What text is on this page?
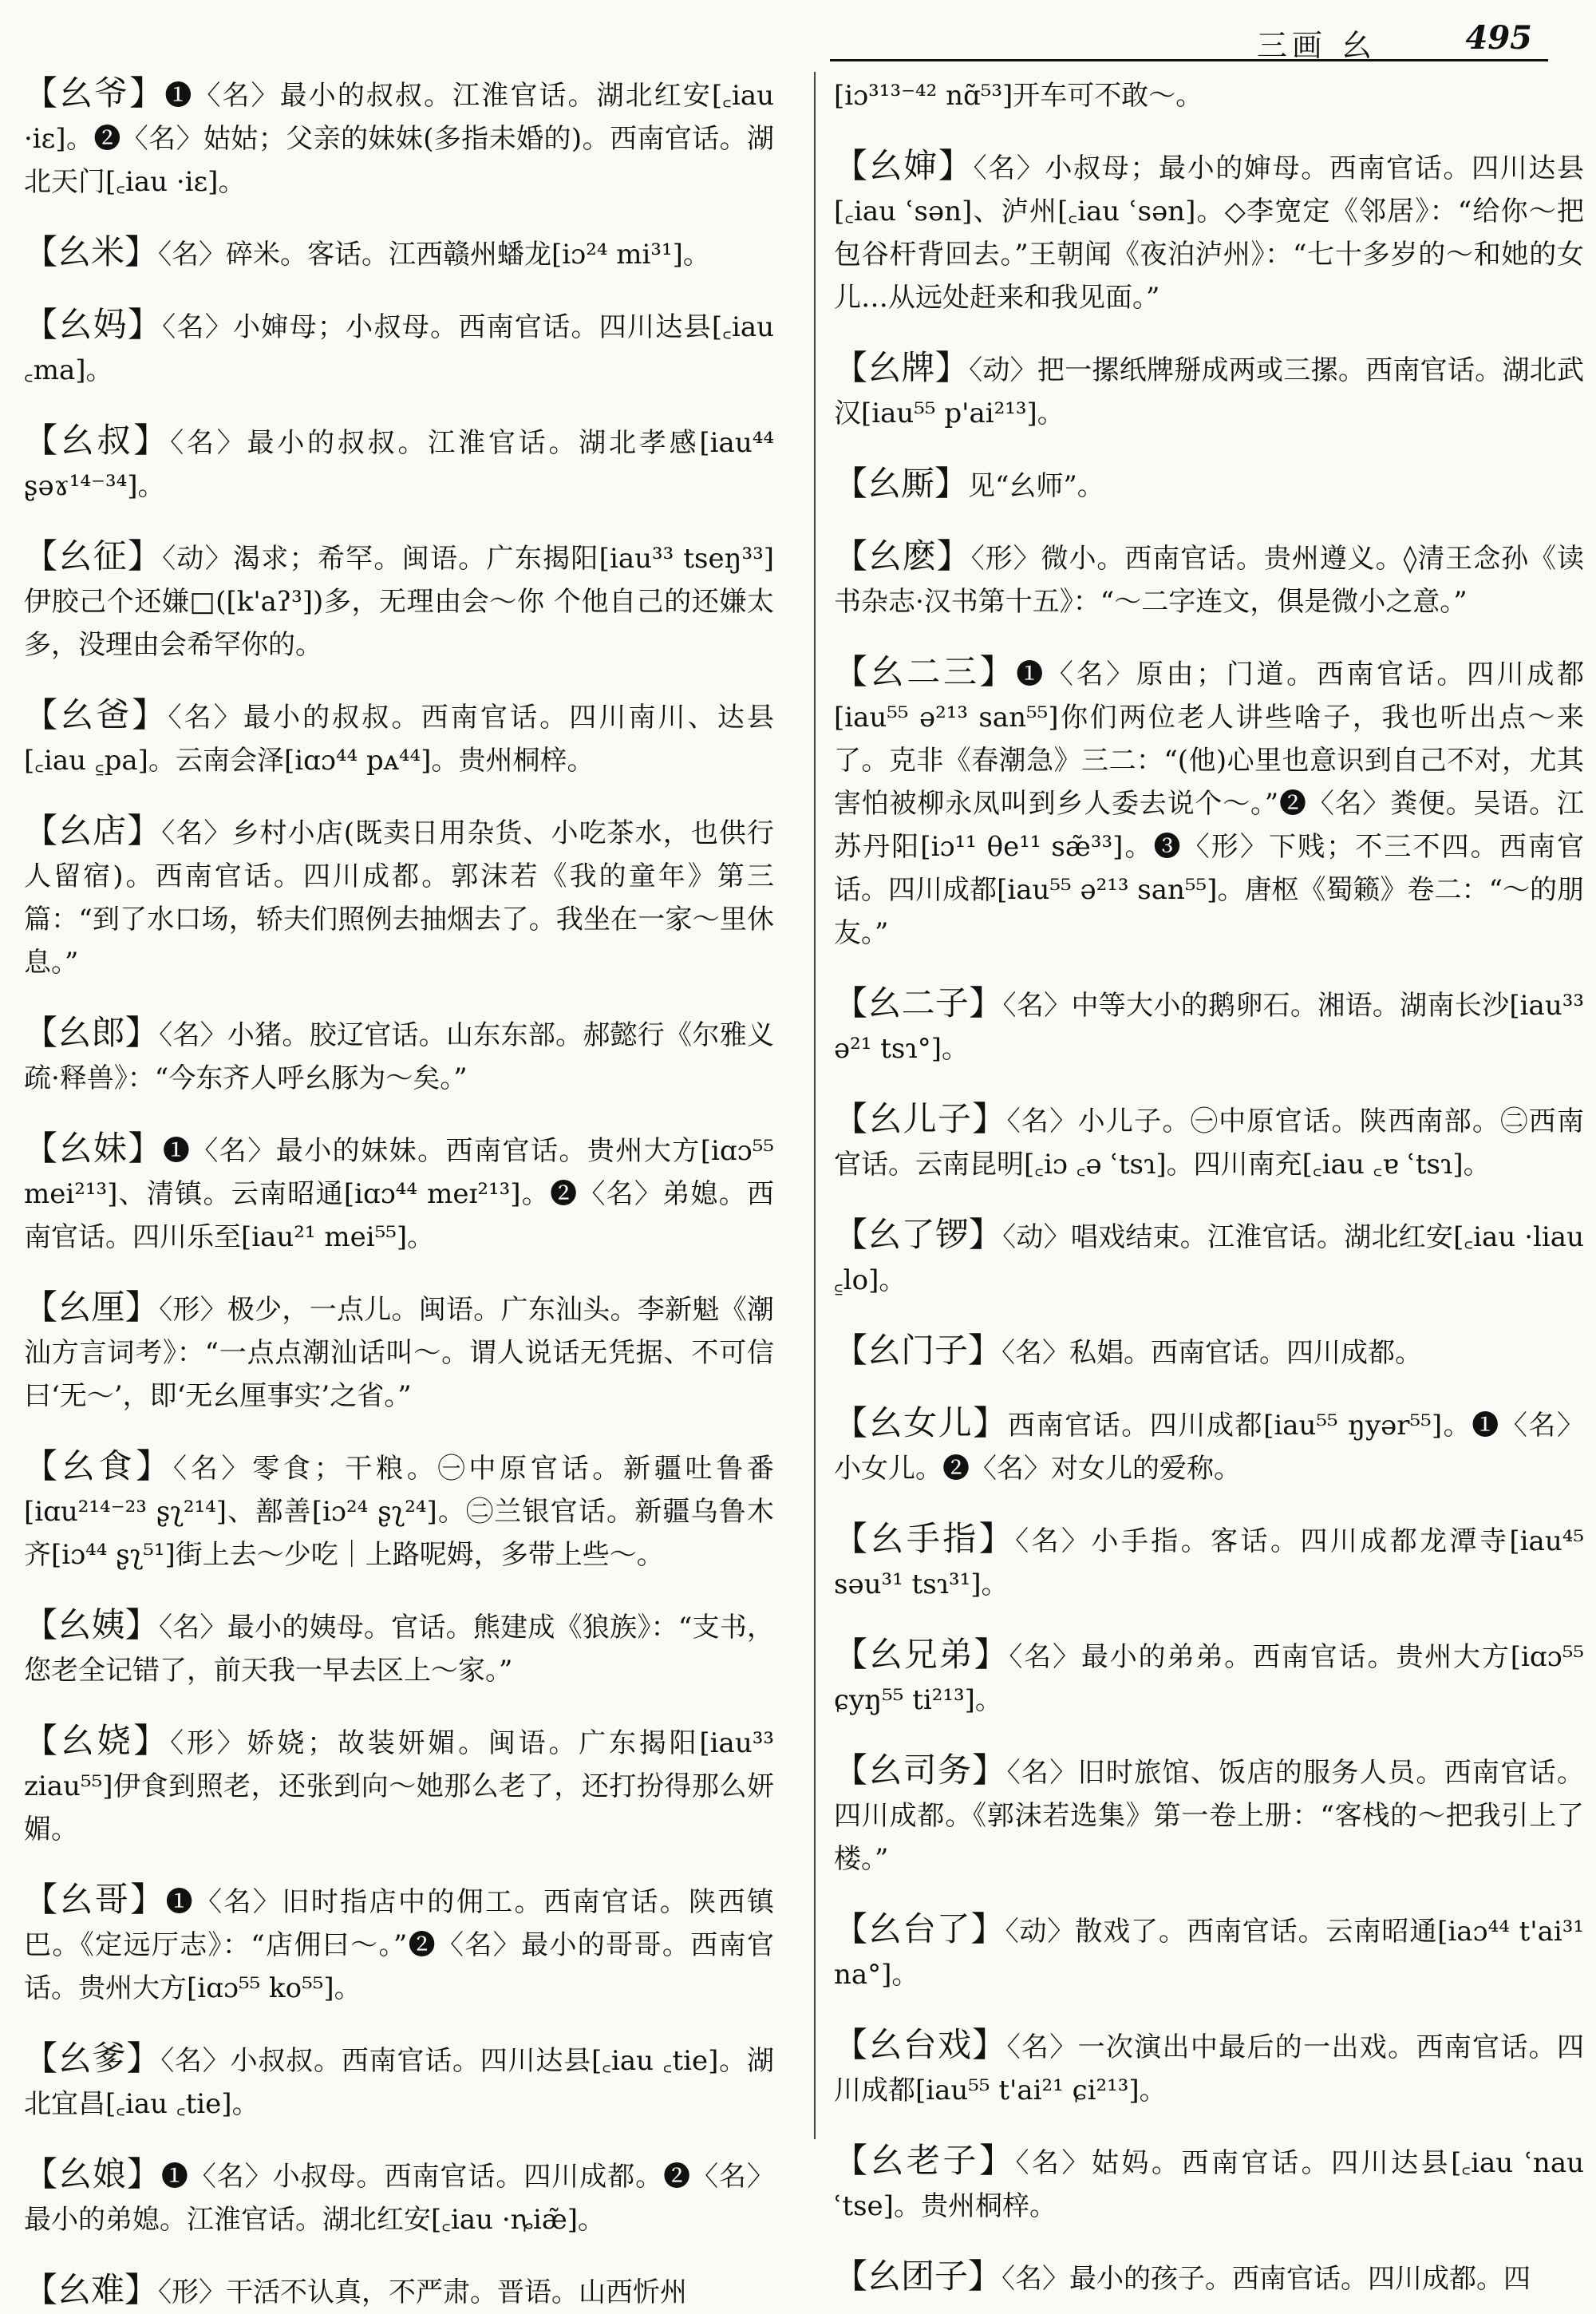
三画 幺	495

【幺爷】❶〈名〉最小的叔叔。江淮官话。湖北红安[꜀iau ·iɛ]。❷〈名〉姑姑；父亲的妹妹(多指未婚的)。西南官话。湖北天门[꜀iau ·iɛ]。

【幺米】〈名〉碎米。客话。江西赣州蟠龙[iɔ²⁴ mi³¹]。

【幺妈】〈名〉小婶母；小叔母。西南官话。四川达县[꜀iau ꜀ma]。

【幺叔】〈名〉最小的叔叔。江淮官话。湖北孝感[iau⁴⁴ ʂəɤ¹⁴⁻³⁴]。

【幺征】〈动〉渴求；希罕。闽语。广东揭阳[iau³³ tseŋ³³]伊胶己个还嫌□([k'aʔ³])多，无理由会～你 个他自己的还嫌太多，没理由会希罕你的。

【幺爸】〈名〉最小的叔叔。西南官话。四川南川、达县[꜀iau ꜁pa]。云南会泽[iɑɔ⁴⁴ pᴀ⁴⁴]。贵州桐梓。

【幺店】〈名〉乡村小店(既卖日用杂货、小吃茶水，也供行人留宿)。西南官话。四川成都。郭沫若《我的童年》第三篇：“到了水口场，轿夫们照例去抽烟去了。我坐在一家～里休息。”

【幺郎】〈名〉小猪。胶辽官话。山东东部。郝懿行《尔雅义疏·释兽》：“今东齐人呼幺豚为～矣。”

【幺妹】❶〈名〉最小的妹妹。西南官话。贵州大方[iɑɔ⁵⁵ mei²¹³]、清镇。云南昭通[iɑɔ⁴⁴ meɪ²¹³]。❷〈名〉弟媳。西南官话。四川乐至[iau²¹ mei⁵⁵]。

【幺厘】〈形〉极少，一点儿。闽语。广东汕头。李新魁《潮汕方言词考》：“一点点潮汕话叫～。谓人说话无凭据、不可信曰‘无～’，即‘无幺厘事实’之省。”

【幺食】〈名〉零食；干粮。㊀中原官话。新疆吐鲁番[iɑu²¹⁴⁻²³ ʂʅ²¹⁴]、鄯善[iɔ²⁴ ʂʅ²⁴]。㊁兰银官话。新疆乌鲁木齐[iɔ⁴⁴ ʂʅ⁵¹]街上去～少吃｜上路呢姆，多带上些～。

【幺姨】〈名〉最小的姨母。官话。熊建成《狼族》：“支书，您老全记错了，前天我一早去区上～家。”

【幺娆】〈形〉娇娆；故装妍媚。闽语。广东揭阳[iau³³ ziau⁵⁵]伊食到照老，还张到向～她那么老了，还打扮得那么妍媚。

【幺哥】❶〈名〉旧时指店中的佣工。西南官话。陕西镇巴。《定远厅志》：“店佣曰～。”❷〈名〉最小的哥哥。西南官话。贵州大方[iɑɔ⁵⁵ ko⁵⁵]。

【幺爹】〈名〉小叔叔。西南官话。四川达县[꜀iau ꜀tie]。湖北宜昌[꜀iau ꜀tie]。

【幺娘】❶〈名〉小叔母。西南官话。四川成都。❷〈名〉最小的弟媳。江淮官话。湖北红安[꜀iau ·ȵiæ̃]。

【幺难】〈形〉干活不认真，不严肃。晋语。山西忻州

[iɔ³¹³⁻⁴² nɑ̃⁵³]开车可不敢～。

【幺婶】〈名〉小叔母；最小的婶母。西南官话。四川达县[꜀iau ʿsən]、泸州[꜀iau ʿsən]。◇李宽定《邻居》：“给你～把包谷杆背回去。”王朝闻《夜泊泸州》：“七十多岁的～和她的女儿…从远处赶来和我见面。”

【幺牌】〈动〉把一摞纸牌掰成两或三摞。西南官话。湖北武汉[iau⁵⁵ p'ai²¹³]。

【幺厮】见“幺师”。

【幺麽】〈形〉微小。西南官话。贵州遵义。◊清王念孙《读书杂志·汉书第十五》：“～二字连文，俱是微小之意。”

【幺二三】❶〈名〉原由；门道。西南官话。四川成都[iau⁵⁵ ə²¹³ san⁵⁵]你们两位老人讲些啥子，我也听出点～来了。克非《春潮急》三二：“(他)心里也意识到自己不对，尤其害怕被柳永凤叫到乡人委去说个～。”❷〈名〉粪便。吴语。江苏丹阳[iɔ¹¹ θe¹¹ sæ̃³³]。❸〈形〉下贱；不三不四。西南官话。四川成都[iau⁵⁵ ə²¹³ san⁵⁵]。唐枢《蜀籁》卷二：“～的朋友。”

【幺二子】〈名〉中等大小的鹅卵石。湘语。湖南长沙[iau³³ ə²¹ tsɿ°]。

【幺儿子】〈名〉小儿子。㊀中原官话。陕西南部。㊁西南官话。云南昆明[꜀iɔ ꜀ə ʿtsɿ]。四川南充[꜀iau ꜀ɐ ʿtsɿ]。

【幺了锣】〈动〉唱戏结束。江淮官话。湖北红安[꜀iau ·liau ꜁lo]。

【幺门子】〈名〉私娼。西南官话。四川成都。

【幺女儿】西南官话。四川成都[iau⁵⁵ ŋyər⁵⁵]。❶〈名〉小女儿。❷〈名〉对女儿的爱称。

【幺手指】〈名〉小手指。客话。四川成都龙潭寺[iau⁴⁵ səu³¹ tsɿ³¹]。

【幺兄弟】〈名〉最小的弟弟。西南官话。贵州大方[iɑɔ⁵⁵ ɕyŋ⁵⁵ ti²¹³]。

【幺司务】〈名〉旧时旅馆、饭店的服务人员。西南官话。四川成都。《郭沫若选集》第一卷上册：“客栈的～把我引上了楼。”

【幺台了】〈动〉散戏了。西南官话。云南昭通[iaɔ⁴⁴ t'ai³¹ na°]。

【幺台戏】〈名〉一次演出中最后的一出戏。西南官话。四川成都[iau⁵⁵ t'ai²¹ ɕi²¹³]。

【幺老子】〈名〉姑妈。西南官话。四川达县[꜀iau ʿnau ʿtse]。贵州桐梓。

【幺团子】〈名〉最小的孩子。西南官话。四川成都。四
